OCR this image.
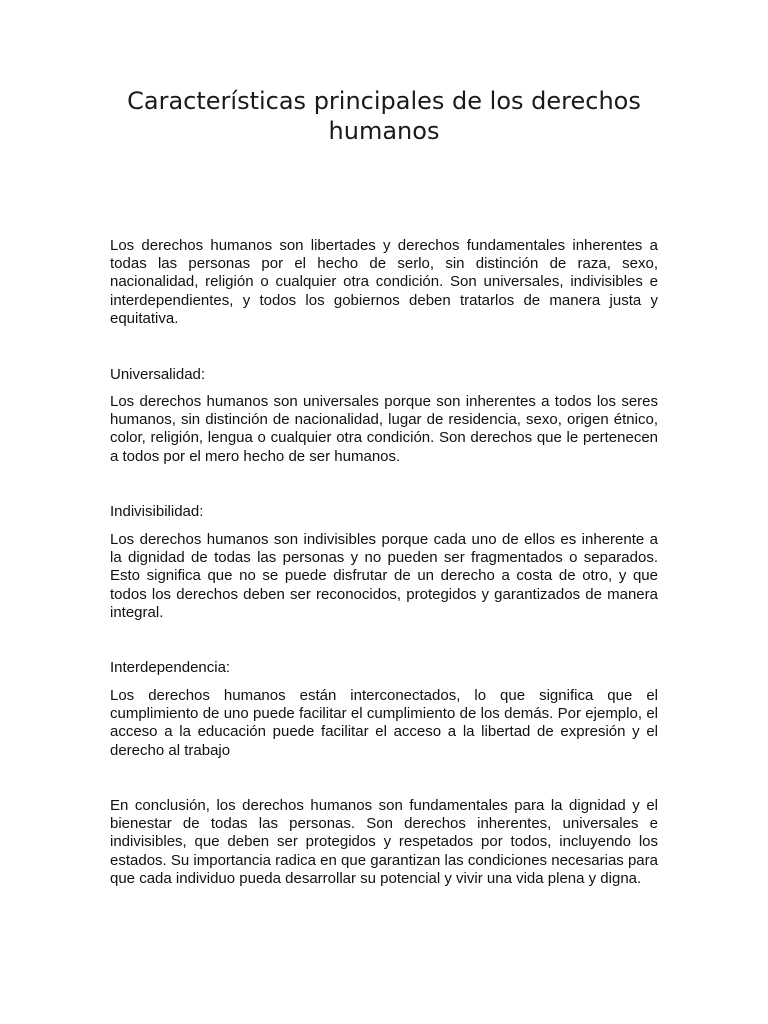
Características principales de los derechos humanos

Los derechos humanos son libertades y derechos fundamentales inherentes a todas las personas por el hecho de serlo, sin distinción de raza, sexo, nacionalidad, religión o cualquier otra condición. Son universales, indivisibles e interdependientes, y todos los gobiernos deben tratarlos de manera justa y equitativa.

Universalidad:

Los derechos humanos son universales porque son inherentes a todos los seres humanos, sin distinción de nacionalidad, lugar de residencia, sexo, origen étnico, color, religión, lengua o cualquier otra condición. Son derechos que le pertenecen a todos por el mero hecho de ser humanos.

Indivisibilidad:

Los derechos humanos son indivisibles porque cada uno de ellos es inherente a la dignidad de todas las personas y no pueden ser fragmentados o separados. Esto significa que no se puede disfrutar de un derecho a costa de otro, y que todos los derechos deben ser reconocidos, protegidos y garantizados de manera integral.

Interdependencia:

Los derechos humanos están interconectados, lo que significa que el cumplimiento de uno puede facilitar el cumplimiento de los demás. Por ejemplo, el acceso a la educación puede facilitar el acceso a la libertad de expresión y el derecho al trabajo

En conclusión, los derechos humanos son fundamentales para la dignidad y el bienestar de todas las personas. Son derechos inherentes, universales e indivisibles, que deben ser protegidos y respetados por todos, incluyendo los estados. Su importancia radica en que garantizan las condiciones necesarias para que cada individuo pueda desarrollar su potencial y vivir una vida plena y digna.
